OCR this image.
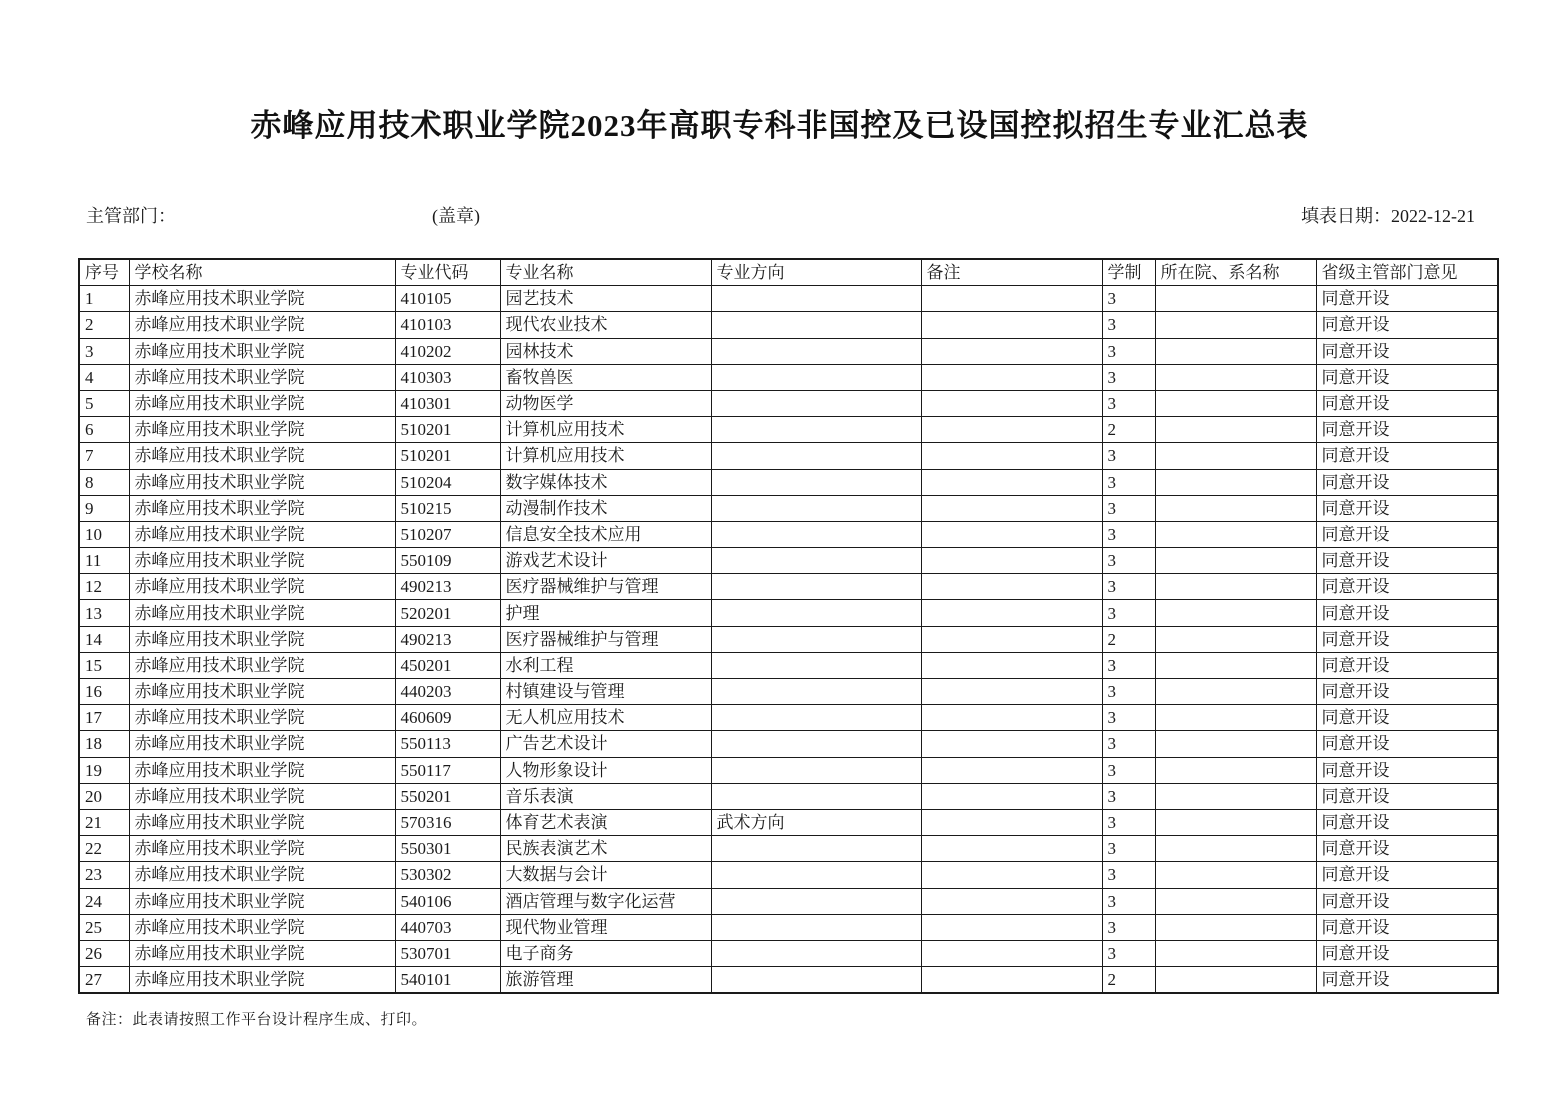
赤峰应用技术职业学院2023年高职专科非国控及已设国控拟招生专业汇总表
主管部门：	(盖章)	填表日期：2022-12-21
序号	学校名称	专业代码	专业名称	专业方向	备注	学制	所在院、系名称	省级主管部门意见
1	赤峰应用技术职业学院	410105	园艺技术			3		同意开设
2	赤峰应用技术职业学院	410103	现代农业技术			3		同意开设
3	赤峰应用技术职业学院	410202	园林技术			3		同意开设
4	赤峰应用技术职业学院	410303	畜牧兽医			3		同意开设
5	赤峰应用技术职业学院	410301	动物医学			3		同意开设
6	赤峰应用技术职业学院	510201	计算机应用技术			2		同意开设
7	赤峰应用技术职业学院	510201	计算机应用技术			3		同意开设
8	赤峰应用技术职业学院	510204	数字媒体技术			3		同意开设
9	赤峰应用技术职业学院	510215	动漫制作技术			3		同意开设
10	赤峰应用技术职业学院	510207	信息安全技术应用			3		同意开设
11	赤峰应用技术职业学院	550109	游戏艺术设计			3		同意开设
12	赤峰应用技术职业学院	490213	医疗器械维护与管理			3		同意开设
13	赤峰应用技术职业学院	520201	护理			3		同意开设
14	赤峰应用技术职业学院	490213	医疗器械维护与管理			2		同意开设
15	赤峰应用技术职业学院	450201	水利工程			3		同意开设
16	赤峰应用技术职业学院	440203	村镇建设与管理			3		同意开设
17	赤峰应用技术职业学院	460609	无人机应用技术			3		同意开设
18	赤峰应用技术职业学院	550113	广告艺术设计			3		同意开设
19	赤峰应用技术职业学院	550117	人物形象设计			3		同意开设
20	赤峰应用技术职业学院	550201	音乐表演			3		同意开设
21	赤峰应用技术职业学院	570316	体育艺术表演	武术方向		3		同意开设
22	赤峰应用技术职业学院	550301	民族表演艺术			3		同意开设
23	赤峰应用技术职业学院	530302	大数据与会计			3		同意开设
24	赤峰应用技术职业学院	540106	酒店管理与数字化运营			3		同意开设
25	赤峰应用技术职业学院	440703	现代物业管理			3		同意开设
26	赤峰应用技术职业学院	530701	电子商务			3		同意开设
27	赤峰应用技术职业学院	540101	旅游管理			2		同意开设
备注：此表请按照工作平台设计程序生成、打印。
